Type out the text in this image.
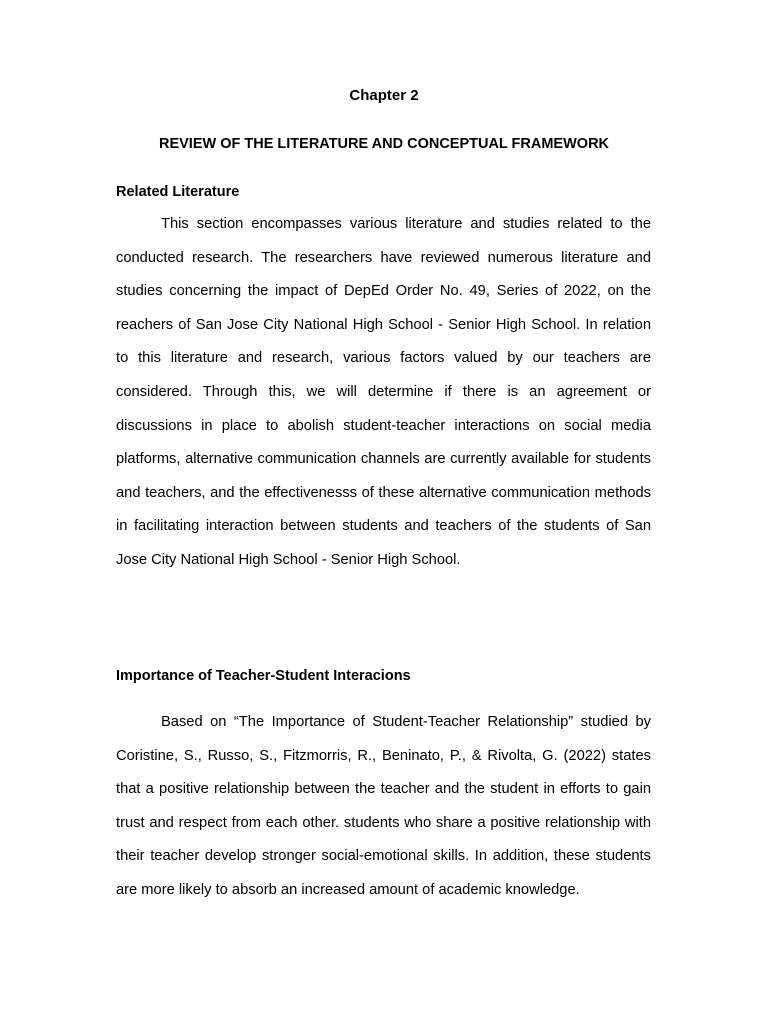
Chapter 2
REVIEW OF THE LITERATURE AND CONCEPTUAL FRAMEWORK
Related Literature

This section encompasses various literature and studies related to the conducted research. The researchers have reviewed numerous literature and studies concerning the impact of DepEd Order No. 49, Series of 2022, on the reachers of San Jose City National High School - Senior High School. In relation to this literature and research, various factors valued by our teachers are considered. Through this, we will determine if there is an agreement or discussions in place to abolish student-teacher interactions on social media platforms, alternative communication channels are currently available for students and teachers, and the effectivenesss of these alternative communication methods in facilitating interaction between students and teachers of the students of San Jose City National High School - Senior High School.

Importance of Teacher-Student Interacions

Based on “The Importance of Student-Teacher Relationship” studied by Coristine, S., Russo, S., Fitzmorris, R., Beninato, P., & Rivolta, G. (2022) states that a positive relationship between the teacher and the student in efforts to gain trust and respect from each other. students who share a positive relationship with their teacher develop stronger social-emotional skills. In addition, these students are more likely to absorb an increased amount of academic knowledge.
